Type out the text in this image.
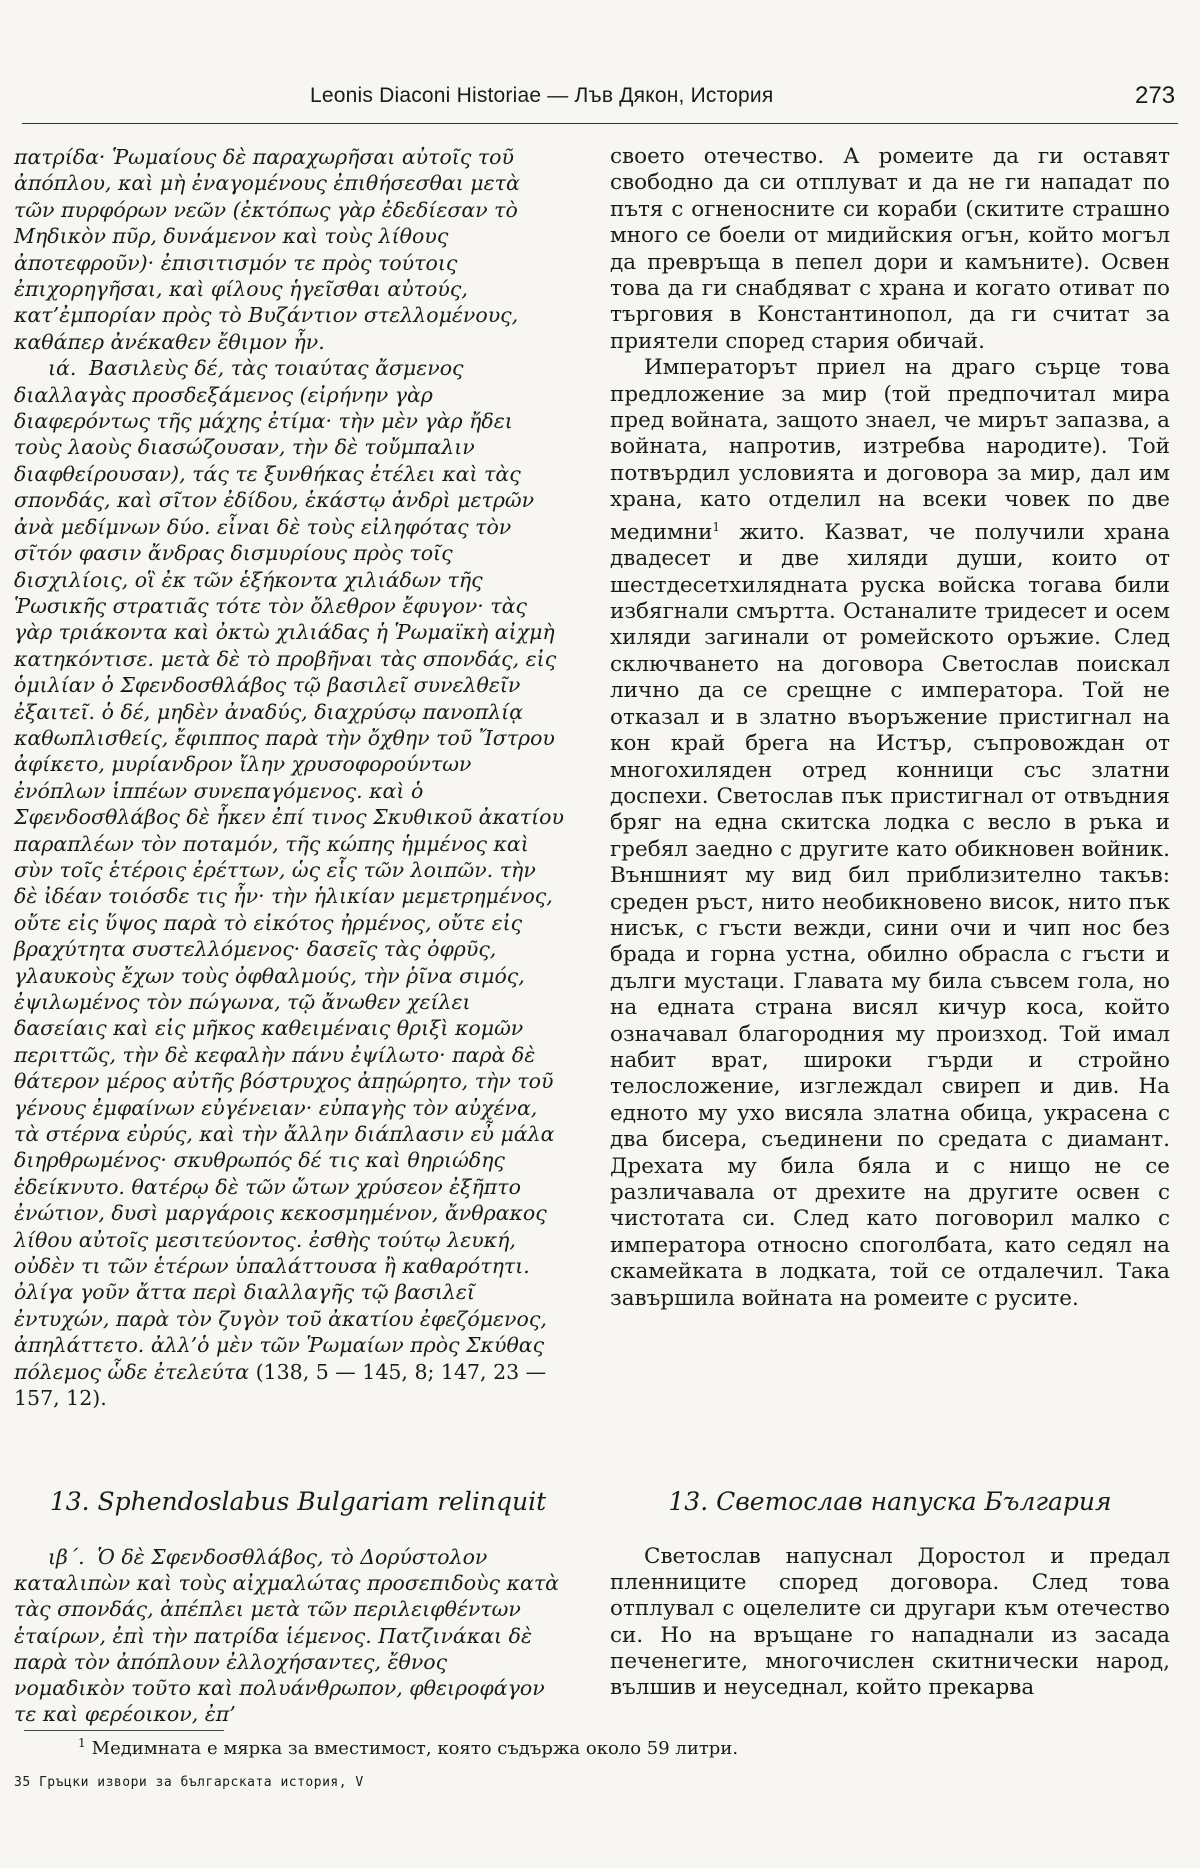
Leonis Diaconi Historiae — Лъв Дякон, История	273

πατρίδα· Ῥωμαίους δὲ παραχωρῆσαι αὐτοῖς τοῦ ἀπόπλου, καὶ μὴ ἐναγομένους ἐπιθήσεσθαι μετὰ τῶν πυρφόρων νεῶν (ἐκτόπως γὰρ ἐδεδίεσαν τὸ Μηδικὸν πῦρ, δυνάμενον καὶ τοὺς λίθους ἀποτεφροῦν)· ἐπισιτισμόν τε πρὸς τούτοις ἐπιχορηγῆσαι, καὶ φίλους ἡγεῖσθαι αὐτούς, κατ’ἐμπορίαν πρὸς τὸ Βυζάντιον στελλομένους, καθάπερ ἀνέκαθεν ἔθιμον ἦν.

ιά. Βασιλεὺς δέ, τὰς τοιαύτας ἄσμενος διαλλαγὰς προσδεξάμενος (εἰρήνην γὰρ διαφερόντως τῆς μάχης ἐτίμα· τὴν μὲν γὰρ ἤδει τοὺς λαοὺς διασώζουσαν, τὴν δὲ τοὔμπαλιν διαφθείρουσαν), τάς τε ξυνθήκας ἐτέλει καὶ τὰς σπονδάς, καὶ σῖτον ἐδίδου, ἑκάστῳ ἀνδρὶ μετρῶν ἀνὰ μεδίμνων δύο. εἶναι δὲ τοὺς εἰληφότας τὸν σῖτόν φασιν ἄνδρας δισμυρίους πρὸς τοῖς δισχιλίοις, οἳ ἐκ τῶν ἑξήκοντα χιλιάδων τῆς Ῥωσικῆς στρατιᾶς τότε τὸν ὄλεθρον ἔφυγον· τὰς γὰρ τριάκοντα καὶ ὀκτὼ χιλιάδας ἡ Ῥωμαϊκὴ αἰχμὴ κατηκόντισε. μετὰ δὲ τὸ προβῆναι τὰς σπονδάς, εἰς ὁμιλίαν ὁ Σφενδοσθλάβος τῷ βασιλεῖ συνελθεῖν ἐξαιτεῖ. ὁ δέ, μηδὲν ἀναδύς, διαχρύσῳ πανοπλίᾳ καθωπλισθείς, ἔφιππος παρὰ τὴν ὄχθην τοῦ Ἴστρου ἀφίκετο, μυρίανδρον ἴλην χρυσοφορούντων ἐνόπλων ἱππέων συνεπαγόμενος. καὶ ὁ Σφενδοσθλάβος δὲ ἧκεν ἐπί τινος Σκυθικοῦ ἀκατίου παραπλέων τὸν ποταμόν, τῆς κώπης ἡμμένος καὶ σὺν τοῖς ἑτέροις ἐρέττων, ὡς εἷς τῶν λοιπῶν. τὴν δὲ ἰδέαν τοιόσδε τις ἦν· τὴν ἡλικίαν μεμετρημένος, οὔτε εἰς ὕψος παρὰ τὸ εἰκότος ἠρμένος, οὔτε εἰς βραχύτητα συστελλόμενος· δασεῖς τὰς ὀφρῦς, γλαυκοὺς ἔχων τοὺς ὀφθαλμούς, τὴν ῥῖνα σιμός, ἐψιλωμένος τὸν πώγωνα, τῷ ἄνωθεν χείλει δασείαις καὶ εἰς μῆκος καθειμέναις θριξὶ κομῶν περιττῶς, τὴν δὲ κεφαλὴν πάνυ ἐψίλωτο· παρὰ δὲ θάτερον μέρος αὐτῆς βόστρυχος ἀπῃώρητο, τὴν τοῦ γένους ἐμφαίνων εὐγένειαν· εὐπαγὴς τὸν αὐχένα, τὰ στέρνα εὐρύς, καὶ τὴν ἄλλην διάπλασιν εὖ μάλα διηρθρωμένος· σκυθρωπός δέ τις καὶ θηριώδης ἐδείκνυτο. θατέρῳ δὲ τῶν ὤτων χρύσεον ἐξῆπτο ἐνώτιον, δυσὶ μαργάροις κεκοσμημένον, ἄνθρακος λίθου αὐτοῖς μεσιτεύοντος. ἐσθὴς τούτῳ λευκή, οὐδὲν τι τῶν ἑτέρων ὑπαλάττουσα ἢ καθαρότητι. ὀλίγα γοῦν ἄττα περὶ διαλλαγῆς τῷ βασιλεῖ ἐντυχών, παρὰ τὸν ζυγὸν τοῦ ἀκατίου ἐφεζόμενος, ἀπηλάττετο. ἀλλ’ὁ μὲν τῶν Ῥωμαίων πρὸς Σκύθας πόλεμος ὧδε ἐτελεύτα (138, 5 — 145, 8; 147, 23 — 157, 12).

своето отечество. А ромеите да ги оставят свободно да си отплуват и да не ги нападат по пътя с огненосните си кораби (скитите страшно много се боели от мидийския огън, който могъл да превръща в пепел дори и камъните). Освен това да ги снабдяват с храна и когато отиват по търговия в Константинопол, да ги считат за приятели според стария обичай.

Императорът приел на драго сърце това предложение за мир (той предпочитал мира пред войната, защото знаел, че мирът запазва, а войната, напротив, изтребва народите). Той потвърдил условията и договора за мир, дал им храна, като отделил на всеки човек по две медимни$^1$ жито. Казват, че получили храна двадесет и две хиляди души, които от шестдесетхилядната руска войска тогава били избягнали смъртта. Останалите тридесет и осем хиляди загинали от ромейското оръжие. След сключването на договора Светослав поискал лично да се срещне с императора. Той не отказал и в златно въоръжение пристигнал на кон край брега на Истър, съпровождан от многохиляден отред конници със златни доспехи. Светослав пък пристигнал от отвъдния бряг на една скитска лодка с весло в ръка и гребял заедно с другите като обикновен войник. Външният му вид бил приблизително такъв: среден ръст, нито необикновено висок, нито пък нисък, с гъсти вежди, сини очи и чип нос без брада и горна устна, обилно обрасла с гъсти и дълги мустаци. Главата му била съвсем гола, но на едната страна висял кичур коса, който означавал благородния му произход. Той имал набит врат, широки гърди и стройно телосложение, изглеждал свиреп и див. На едното му ухо висяла златна обица, украсена с два бисера, съединени по средата с диамант. Дрехата му била бяла и с нищо не се различавала от дрехите на другите освен с чистотата си. След като поговорил малко с императора относно споголбата, като седял на скамейката в лодката, той се отдалечил. Така завършила войната на ромеите с русите.

13. Sphendoslabus Bulgariam relinquit	13. Светослав напуска България

ιβ΄. Ὁ δὲ Σφενδοσθλάβος, τὸ Δορύστολον καταλιπὼν καὶ τοὺς αἰχμαλώτας προσεπιδοὺς κατὰ τὰς σπονδάς, ἀπέπλει μετὰ τῶν περιλειφθέντων ἑταίρων, ἐπὶ τὴν πατρίδα ἱέμενος. Πατζινάκαι δὲ παρὰ τὸν ἀπόπλουν ἐλλοχήσαντες, ἔθνος νομαδικὸν τοῦτο καὶ πολυάνθρωπον, φθειροφάγον τε καὶ φερέοικον, ἐπ’

Светослав напуснал Доростол и предал пленниците според договора. След това отплувал с оцелелите си другари към отечество си. Но на връщане го нападнали из засада печенегите, многочислен скитнически народ, вълшив и неуседнал, който прекарва

$^1$ Медимната е мярка за вместимост, която съдържа около 59 литри.
35 Гръцки извори за българската история, V
